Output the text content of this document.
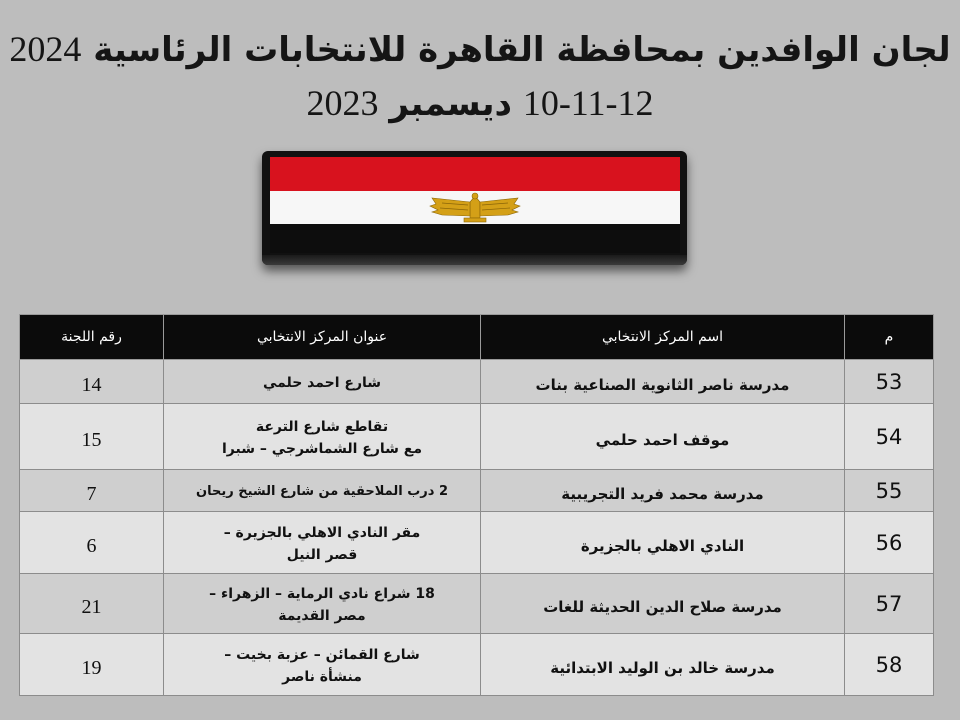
لجان الوافدين بمحافظة القاهرة للانتخابات الرئاسية 2024
10-11-12 ديسمبر 2023
م	اسم المركز الانتخابي	عنوان المركز الانتخابي	رقم اللجنة
53	مدرسة ناصر الثانوية الصناعية بنات	شارع احمد حلمي	14
54	موقف احمد حلمي	تقاطع شارع الترعة
مع شارع الشماشرجي – شبرا	15
55	مدرسة محمد فريد التجريبية	2 درب الملاحقية من شارع الشيخ ريحان	7
56	النادي الاهلي بالجزيرة	مقر النادي الاهلي بالجزيرة –
قصر النيل	6
57	مدرسة صلاح الدين الحديثة للغات	18 شراع نادي الرماية – الزهراء –
مصر القديمة	21
58	مدرسة خالد بن الوليد الابتدائية	شارع القمائن – عزبة بخيت –
منشأة ناصر	19
